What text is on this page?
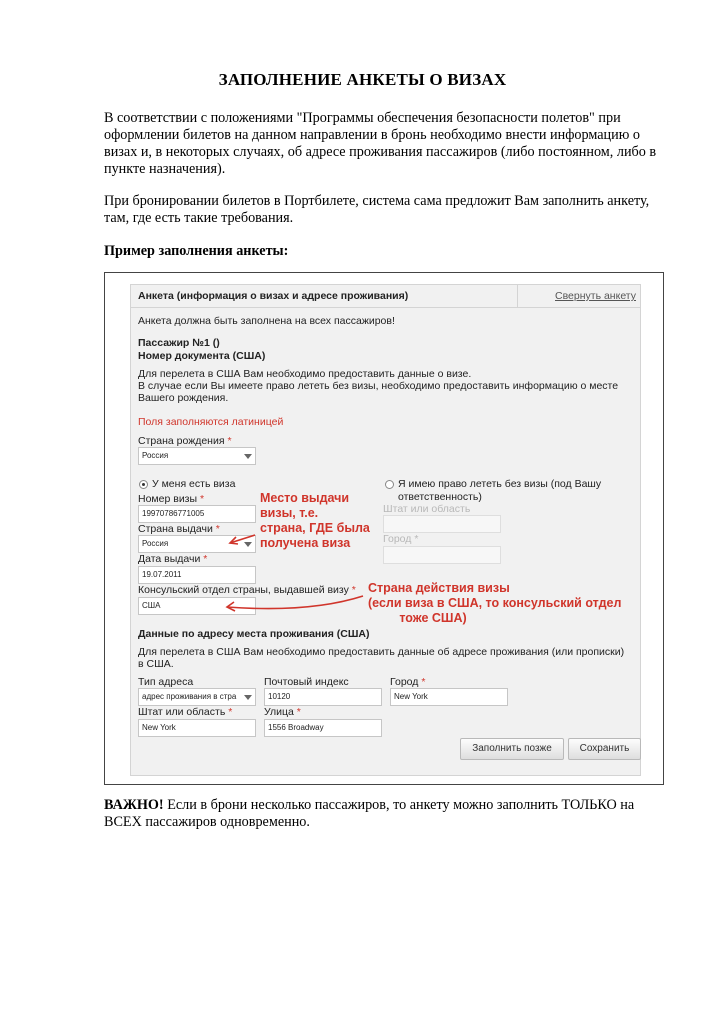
ЗАПОЛНЕНИЕ АНКЕТЫ О ВИЗАХ
В соответствии с положениями "Программы обеспечения безопасности полетов" при оформлении билетов на данном направлении в бронь необходимо внести информацию о визах и, в некоторых случаях, об адресе проживания пассажиров (либо постоянном, либо в пункте назначения).
При бронировании билетов в Портбилете, система сама предложит Вам заполнить анкету, там, где есть такие требования.
Пример заполнения анкеты:
Анкета (информация о визах и адресе проживания)	Свернуть анкету
Анкета должна быть заполнена на всех пассажиров!
Пассажир №1 ()
Номер документа (США)
Для перелета в США Вам необходимо предоставить данные о визе.
В случае если Вы имеете право лететь без визы, необходимо предоставить информацию о месте
Вашего рождения.
Поля заполняются латиницей
Страна рождения *
Россия
У меня есть виза	Я имею право лететь без визы (под Вашу
ответственность)
Номер визы *
19970786771005
Страна выдачи *
Россия
Дата выдачи *
19.07.2011
Консульский отдел страны, выдавшей визу *
США
Штат или область
Город *
Данные по адресу места проживания (США)
Для перелета в США Вам необходимо предоставить данные об адресе проживания (или прописки)
в США.
Тип адреса
адрес проживания в стра
Почтовый индекс
10120
Город *
New York
Штат или область *
New York
Улица *
1556 Broadway
Заполнить позже	Сохранить
Место выдачи
визы, т.е.
страна, ГДЕ была
получена виза
Страна действия визы
(если виза в США, то консульский отдел
тоже США)
ВАЖНО! Если в брони несколько пассажиров, то анкету можно заполнить ТОЛЬКО на ВСЕХ пассажиров одновременно.
